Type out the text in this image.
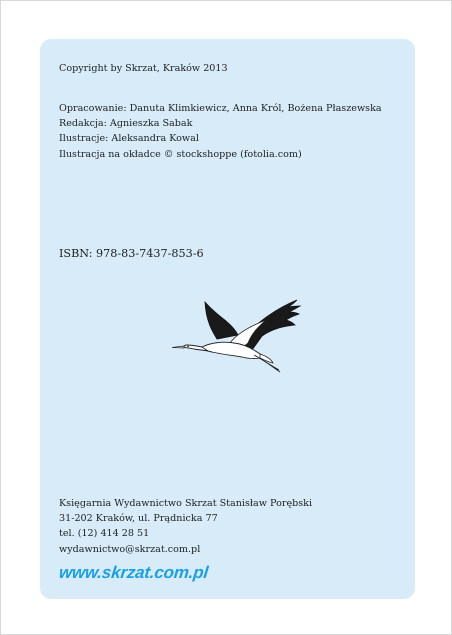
Copyright by Skrzat, Kraków 2013
Opracowanie: Danuta Klimkiewicz, Anna Król, Bożena Płaszewska
Redakcja: Agnieszka Sabak
Ilustracje: Aleksandra Kowal
Ilustracja na okładce © stockshoppe (fotolia.com)
ISBN: 978-83-7437-853-6
Księgarnia Wydawnictwo Skrzat Stanisław Porębski
31-202 Kraków, ul. Prądnicka 77
tel. (12) 414 28 51
wydawnictwo@skrzat.com.pl
www.skrzat.com.pl
